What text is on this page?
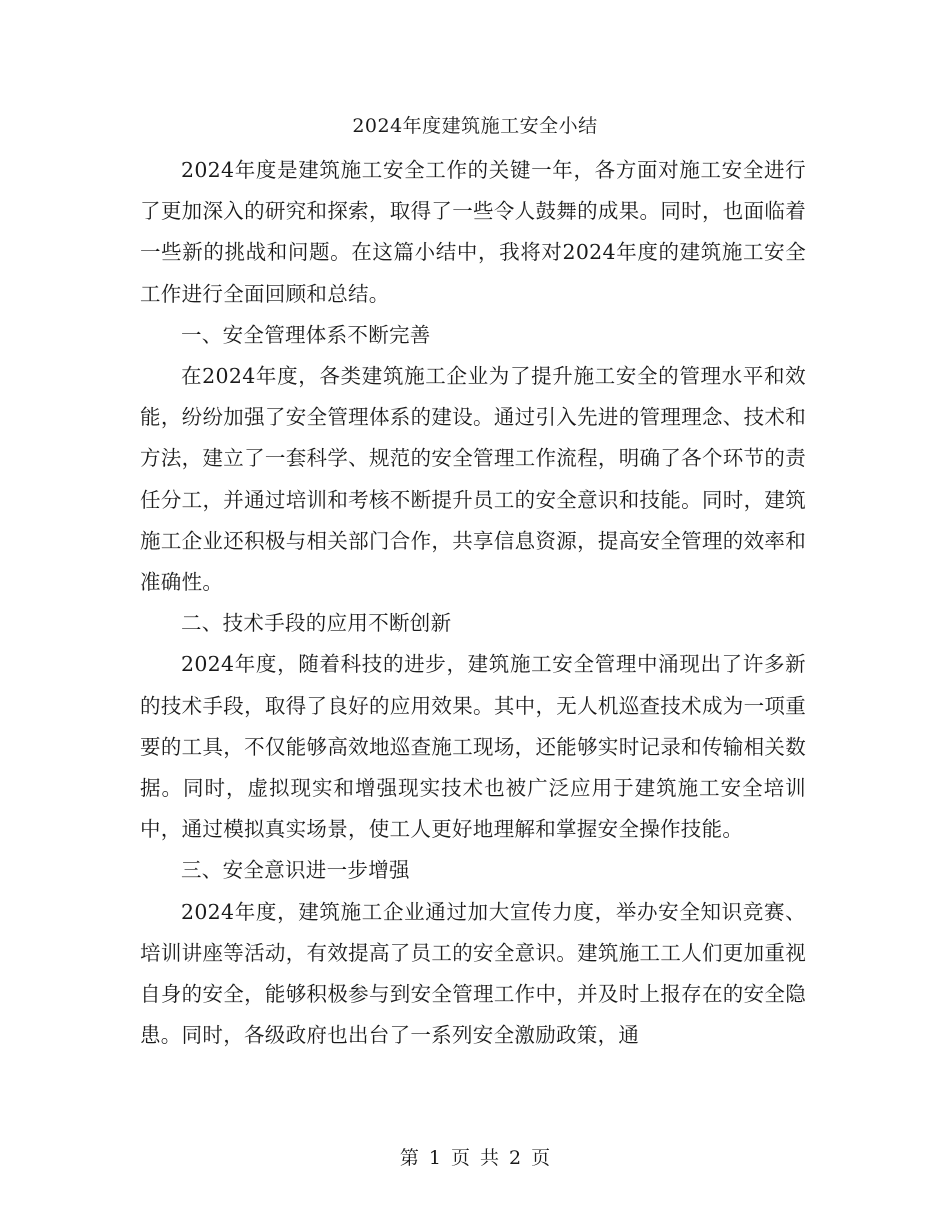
2024年度建筑施工安全小结

2024年度是建筑施工安全工作的关键一年，各方面对施工安全进行了更加深入的研究和探索，取得了一些令人鼓舞的成果。同时，也面临着一些新的挑战和问题。在这篇小结中，我将对2024年度的建筑施工安全工作进行全面回顾和总结。

一、安全管理体系不断完善

在2024年度，各类建筑施工企业为了提升施工安全的管理水平和效能，纷纷加强了安全管理体系的建设。通过引入先进的管理理念、技术和方法，建立了一套科学、规范的安全管理工作流程，明确了各个环节的责任分工，并通过培训和考核不断提升员工的安全意识和技能。同时，建筑施工企业还积极与相关部门合作，共享信息资源，提高安全管理的效率和准确性。

二、技术手段的应用不断创新

2024年度，随着科技的进步，建筑施工安全管理中涌现出了许多新的技术手段，取得了良好的应用效果。其中，无人机巡查技术成为一项重要的工具，不仅能够高效地巡查施工现场，还能够实时记录和传输相关数据。同时，虚拟现实和增强现实技术也被广泛应用于建筑施工安全培训中，通过模拟真实场景，使工人更好地理解和掌握安全操作技能。

三、安全意识进一步增强

2024年度，建筑施工企业通过加大宣传力度，举办安全知识竞赛、培训讲座等活动，有效提高了员工的安全意识。建筑施工工人们更加重视自身的安全，能够积极参与到安全管理工作中，并及时上报存在的安全隐患。同时，各级政府也出台了一系列安全激励政策，通

第 1 页 共 2 页
